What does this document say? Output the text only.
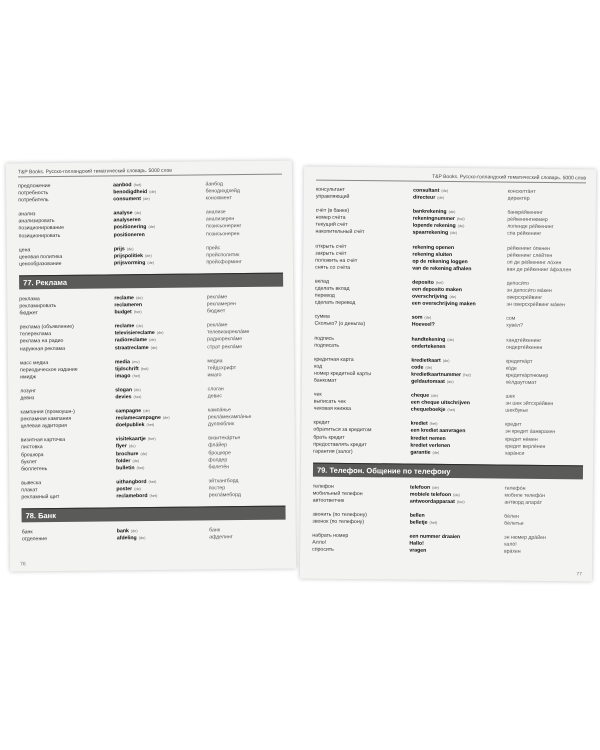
T&P Books. Русско-голландский тематический словарь. 5000 слов
предложение
потребность
потребитель
aanbod (het)
benodigdheid (de)
consument (de)
áанбод
бенодихдхейд
консюмент
анализ
анализировать
позиционирование
позиционировать
analyse (de)
analyseren
positionering (de)
positioneren
анализе
анализерен
позисьонеринг
позисьонерен
цена
ценовая политика
ценообразование
prijs (de)
prijspolitiek (de)
prijsvorming (de)
прейс
прейсполитик
прейсформинг
77. Реклама
реклама
рекламировать
бюджет
reclame (de)
reclameren
budget (het)
реклáме
рекламерен
бюджет
реклама (объявление)
телереклама
реклама на радио
наружная реклама
reclame (de)
televisiereclame (de)
radioreclame (de)
straatreclame (de)
реклáме
телевизиреклáме
радиореклáме
страт реклáме
масс медиа
периодическое издание
имидж
media (mv)
tijdschrift (het)
imago (het)
медиа
тейдсхрифт
имаго
лозунг
девиз
slogan (de)
devies (het)
слоган
девис
кампания (промоушн-)
рекламная кампания
целевая аудитория
campagne (de)
reclamecampagne (de)
doelpubliek (het)
кампáнье
реклáмекампáнье
дулпюблик
визитная карточка
листовка
брошюра
буклет
бюллетень
visitekaartje (het)
flyer (de)
brochure (de)
folder (de)
bulletin (het)
визитекáртье
флáйер
брошюре
фолдер
бюлетéн
вывеска
плакат
рекламный щит
uithangbord (het)
poster (de)
reclamebord (het)
эйтхангборд
постер
реклáмеборд
78. Банк
банк
отделение
bank (de)
afdeling (de)
банк
афделинг
76
T&P Books. Русско-голландский тематический словарь. 5000 слов
консультант
управляющий
consultant (de)
directeur (de)
консюлтáнт
директёр
счёт (в банке)
номер счёта
текущий счёт
накопительный счёт
bankrekening (de)
rekeningnummer (het)
lopende rekening (de)
spaarrekening (de)
банкрéйкенинг
рéйкенингнюмер
лопенде рéйкенинг
спа рéйкенинг
открыть счёт
закрыть счёт
положить на счёт
снять со счёта
rekening openen
rekening sluiten
op de rekening loggen
van de rekening afhalen
рéйкенинг óпенен
рéйкенинг слéйтен
оп де рéйкенинг лóхен
ван де рéйкенинг áфхален
вклад
сделать вклад
перевод
сделать перевод
deposito (het)
een deposito maken
overschrijving (de)
een overschrijving maken
депоси́то
эн депоси́то мáкен
оверсхрéйвинг
эн оверсхрéйвинг мáкен
сумма
Сколько? (о деньгах)
som (de)
Hoeveel?
сом
хувéл?
подпись
подписать
handtekening (de)
ondertekenen
хандтéйкенинг
ондертéйкенен
кредитная карта
код
номер кредитной карты
банкомат
kredietkaart (de)
code (de)
kredietkaartnummer (het)
geldautomaat (de)
кредиткáрт
кóде
кредиткáртнюмер
хéлдаутомат
чек
выписать чек
чековая книжка
cheque (de)
een cheque uitschrijven
chequeboekje (het)
шек
эн шек эйтсхрéйвен
шекбукье
кредит
обратиться за кредитом
брать кредит
предоставлять кредит
гарантия (залог)
krediet (het)
een krediet aanvragen
krediet nemen
krediet verlenen
garantie (de)
кредит
эн кредит áанврахен
кредит нéмен
кредит верлéнен
харáнси
79. Телефон. Общение по телефону
телефон
мобильный телефон
автоответчик
telefoon (de)
mobiele telefoon (de)
antwoordapparaat (het)
телефóн
мобиле телефóн
антворд апарáт
звонить (по телефону)
звонок (по телефону)
bellen
belletje (het)
бéлен
бéлетье
набрать номер
Алло!
спросить
een nummer draaien
Hallo!
vragen
эн нюмер дрáйен
халó!
врáхен
77
